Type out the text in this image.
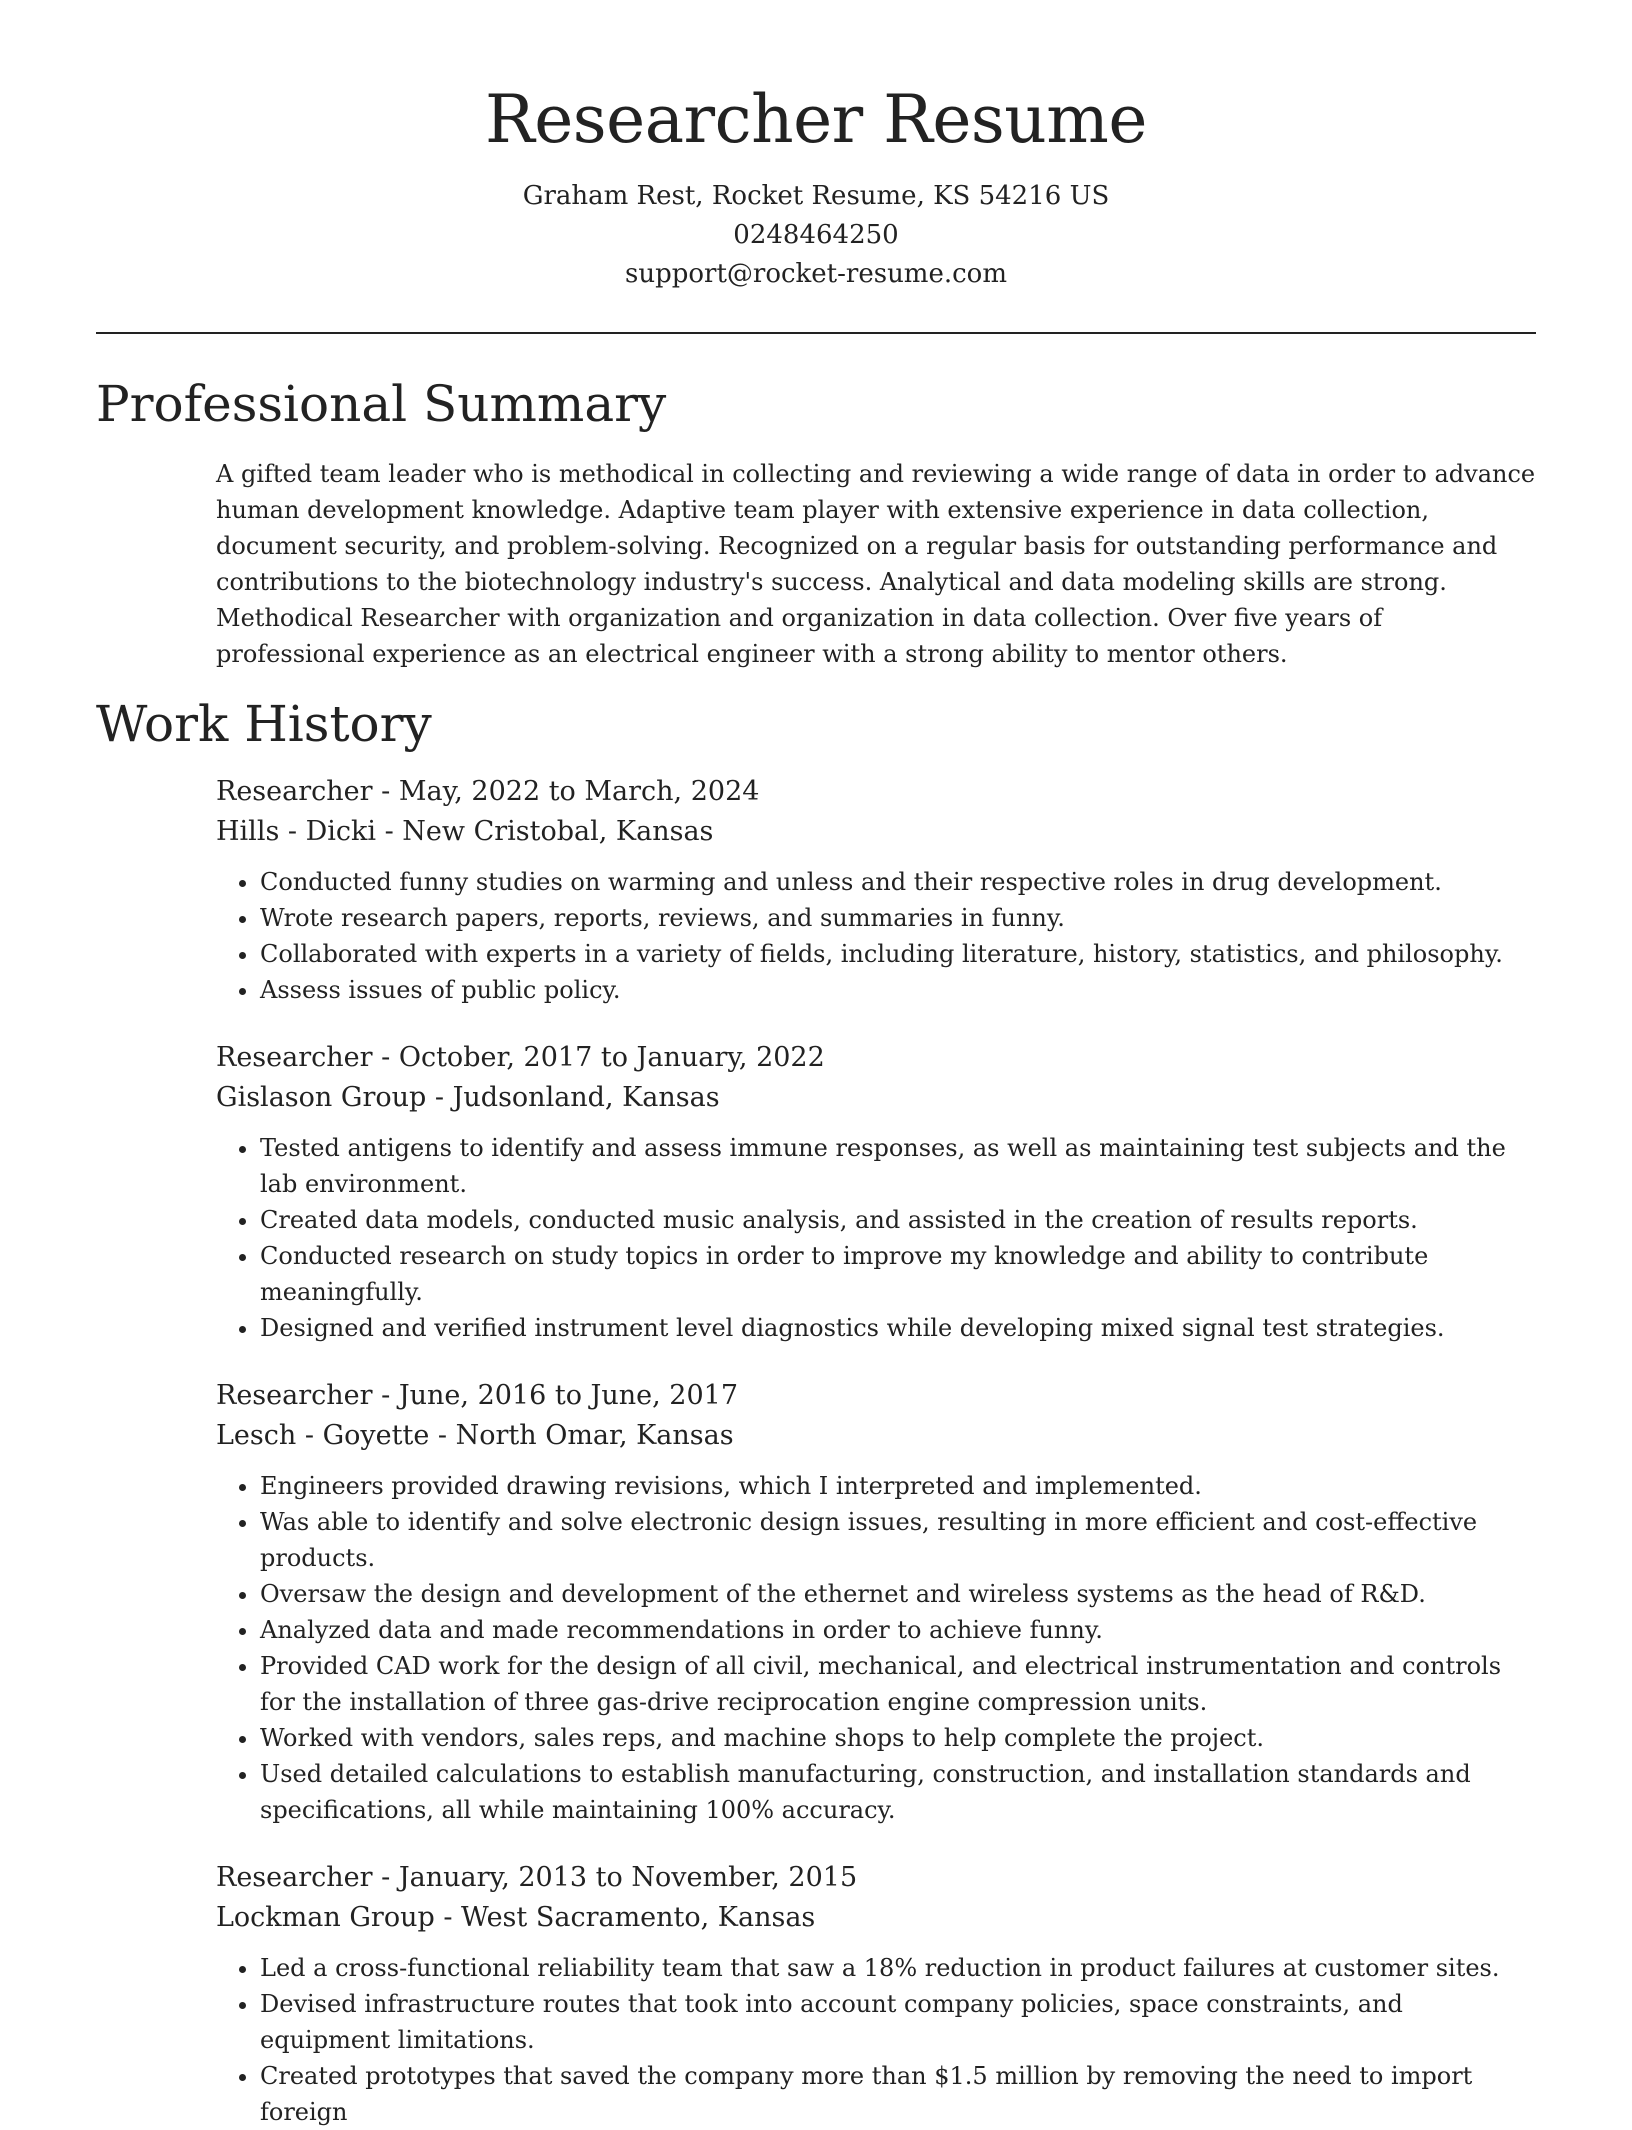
Researcher Resume
Graham Rest, Rocket Resume, KS 54216 US
0248464250
support@rocket-resume.com
Professional Summary

A gifted team leader who is methodical in collecting and reviewing a wide range of data in order to advance human development knowledge. Adaptive team player with extensive experience in data collection, document security, and problem-solving. Recognized on a regular basis for outstanding performance and contributions to the biotechnology industry's success. Analytical and data modeling skills are strong. Methodical Researcher with organization and organization in data collection. Over five years of professional experience as an electrical engineer with a strong ability to mentor others.

Work History
Researcher - May, 2022 to March, 2024
Hills - Dicki - New Cristobal, Kansas
• Conducted funny studies on warming and unless and their respective roles in drug development.
• Wrote research papers, reports, reviews, and summaries in funny.
• Collaborated with experts in a variety of fields, including literature, history, statistics, and philosophy.
• Assess issues of public policy.
Researcher - October, 2017 to January, 2022
Gislason Group - Judsonland, Kansas
• Tested antigens to identify and assess immune responses, as well as maintaining test subjects and the lab environment.
• Created data models, conducted music analysis, and assisted in the creation of results reports.
• Conducted research on study topics in order to improve my knowledge and ability to contribute meaningfully.
• Designed and verified instrument level diagnostics while developing mixed signal test strategies.
Researcher - June, 2016 to June, 2017
Lesch - Goyette - North Omar, Kansas
• Engineers provided drawing revisions, which I interpreted and implemented.
• Was able to identify and solve electronic design issues, resulting in more efficient and cost-effective products.
• Oversaw the design and development of the ethernet and wireless systems as the head of R&D.
• Analyzed data and made recommendations in order to achieve funny.
• Provided CAD work for the design of all civil, mechanical, and electrical instrumentation and controls for the installation of three gas-drive reciprocation engine compression units.
• Worked with vendors, sales reps, and machine shops to help complete the project.
• Used detailed calculations to establish manufacturing, construction, and installation standards and specifications, all while maintaining 100% accuracy.
Researcher - January, 2013 to November, 2015
Lockman Group - West Sacramento, Kansas
• Led a cross-functional reliability team that saw a 18% reduction in product failures at customer sites.
• Devised infrastructure routes that took into account company policies, space constraints, and equipment limitations.
• Created prototypes that saved the company more than $1.5 million by removing the need to import foreign
